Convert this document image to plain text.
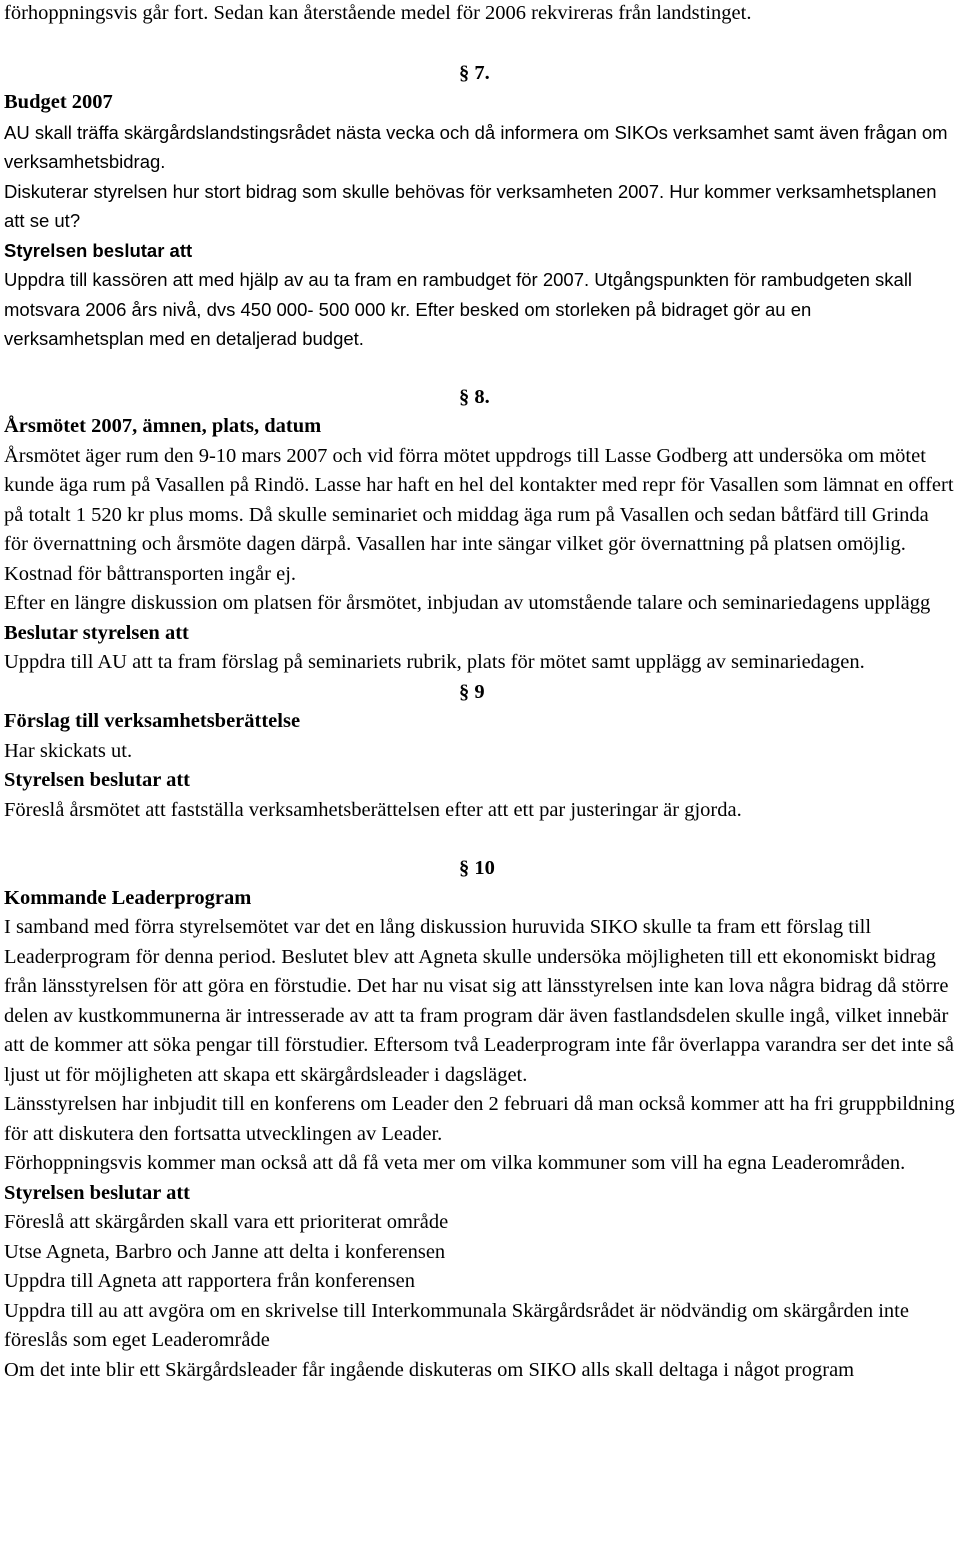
förhoppningsvis går fort. Sedan kan återstående medel för 2006 rekvireras från landstinget.

§ 7.

Budget 2007

AU skall träffa skärgårdslandstingsrådet nästa vecka och då informera om SIKOs verksamhet samt även frågan om verksamhetsbidrag.

Diskuterar styrelsen hur stort bidrag som skulle behövas för verksamheten 2007. Hur kommer verksamhetsplanen att se ut?

Styrelsen beslutar att

Uppdra till kassören att med hjälp av au ta fram en rambudget för 2007. Utgångspunkten för rambudgeten skall motsvara 2006 års nivå, dvs 450 000- 500 000 kr. Efter besked om storleken på bidraget gör au en verksamhetsplan med en detaljerad budget.

§ 8.

Årsmötet 2007, ämnen, plats, datum

Årsmötet äger rum den 9-10 mars 2007 och vid förra mötet uppdrogs till Lasse Godberg att undersöka om mötet kunde äga rum på Vasallen på Rindö. Lasse har haft en hel del kontakter med repr för Vasallen som lämnat en offert på totalt 1 520 kr plus moms. Då skulle seminariet och middag äga rum på Vasallen och sedan båtfärd till Grinda för övernattning och årsmöte dagen därpå. Vasallen har inte sängar vilket gör övernattning på platsen omöjlig. Kostnad för båttransporten ingår ej.

Efter en längre diskussion om platsen för årsmötet, inbjudan av utomstående talare och seminariedagens upplägg

Beslutar styrelsen att

Uppdra till AU att ta fram förslag på seminariets rubrik, plats för mötet samt upplägg av seminariedagen.

§ 9

Förslag till verksamhetsberättelse

Har skickats ut.

Styrelsen beslutar att

Föreslå årsmötet att fastställa verksamhetsberättelsen efter att ett par justeringar är gjorda.

§ 10

Kommande Leaderprogram

I samband med förra styrelsemötet var det en lång diskussion huruvida SIKO skulle ta fram ett förslag till Leaderprogram för denna period. Beslutet blev att Agneta skulle undersöka möjligheten till ett ekonomiskt bidrag från länsstyrelsen för att göra en förstudie. Det har nu visat sig att länsstyrelsen inte kan lova några bidrag då större delen av kustkommunerna är intresserade av att ta fram program där även fastlandsdelen skulle ingå, vilket innebär att de kommer att söka pengar till förstudier. Eftersom två Leaderprogram inte får överlappa varandra ser det inte så ljust ut för möjligheten att skapa ett skärgårdsleader i dagsläget.

Länsstyrelsen har inbjudit till en konferens om Leader den 2 februari då man också kommer att ha fri gruppbildning för att diskutera den fortsatta utvecklingen av Leader.

Förhoppningsvis kommer man också att då få veta mer om vilka kommuner som vill ha egna Leaderområden.

Styrelsen beslutar att

Föreslå att skärgården skall vara ett prioriterat område

Utse Agneta, Barbro och Janne att delta i konferensen

Uppdra till Agneta att rapportera från konferensen

Uppdra till au att avgöra om en skrivelse till Interkommunala Skärgårdsrådet är nödvändig om skärgården inte föreslås som eget Leaderområde

Om det inte blir ett Skärgårdsleader får ingående diskuteras om SIKO alls skall deltaga i något program
